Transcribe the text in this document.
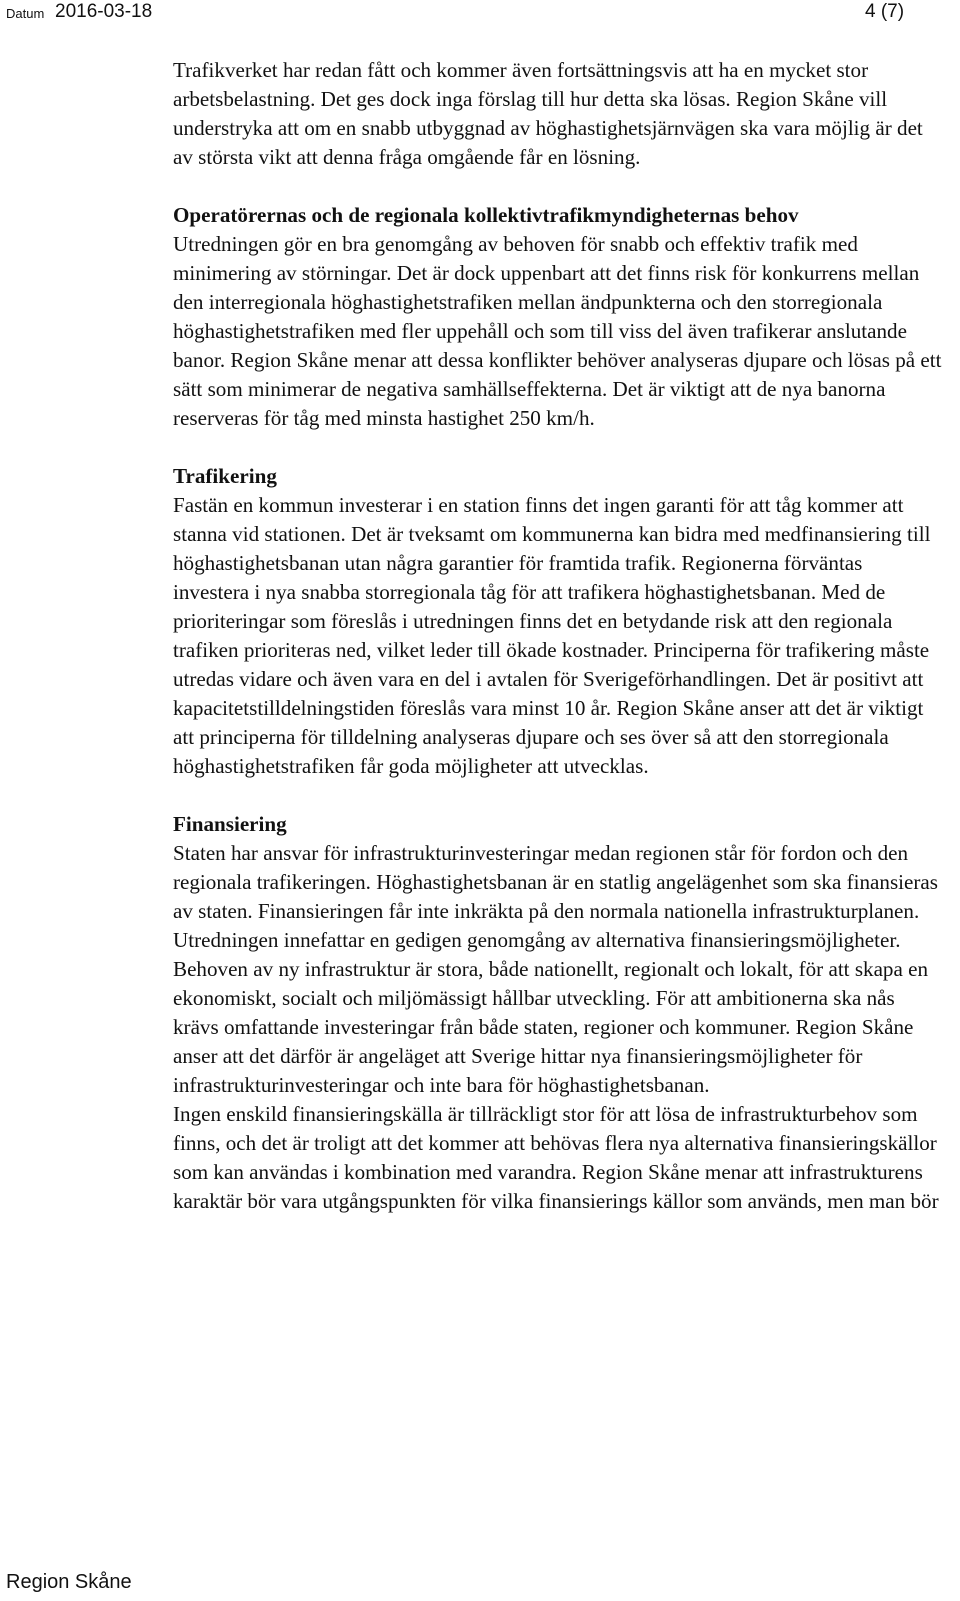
Datum 2016-03-18	4 (7)

Trafikverket har redan fått och kommer även fortsättningsvis att ha en mycket stor arbetsbelastning. Det ges dock inga förslag till hur detta ska lösas. Region Skåne vill understryka att om en snabb utbyggnad av höghastighetsjärnvägen ska vara möjlig är det av största vikt att denna fråga omgående får en lösning.

Operatörernas och de regionala kollektivtrafikmyndigheternas behov

Utredningen gör en bra genomgång av behoven för snabb och effektiv trafik med minimering av störningar. Det är dock uppenbart att det finns risk för konkurrens mellan den interregionala höghastighetstrafiken mellan ändpunkterna och den storregionala höghastighetstrafiken med fler uppehåll och som till viss del även trafikerar anslutande banor. Region Skåne menar att dessa konflikter behöver analyseras djupare och lösas på ett sätt som minimerar de negativa samhällseffekterna. Det är viktigt att de nya banorna reserveras för tåg med minsta hastighet 250 km/h.

Trafikering

Fastän en kommun investerar i en station finns det ingen garanti för att tåg kommer att stanna vid stationen. Det är tveksamt om kommunerna kan bidra med medfinansiering till höghastighetsbanan utan några garantier för framtida trafik. Regionerna förväntas investera i nya snabba storregionala tåg för att trafikera höghastighetsbanan. Med de prioriteringar som föreslås i utredningen finns det en betydande risk att den regionala trafiken prioriteras ned, vilket leder till ökade kostnader. Principerna för trafikering måste utredas vidare och även vara en del i avtalen för Sverigeförhandlingen. Det är positivt att kapacitetstilldelningstiden föreslås vara minst 10 år. Region Skåne anser att det är viktigt att principerna för tilldelning analyseras djupare och ses över så att den storregionala höghastighetstrafiken får goda möjligheter att utvecklas.

Finansiering

Staten har ansvar för infrastrukturinvesteringar medan regionen står för fordon och den regionala trafikeringen. Höghastighetsbanan är en statlig angelägenhet som ska finansieras av staten. Finansieringen får inte inkräkta på den normala nationella infrastrukturplanen. Utredningen innefattar en gedigen genomgång av alternativa finansieringsmöjligheter. Behoven av ny infrastruktur är stora, både nationellt, regionalt och lokalt, för att skapa en ekonomiskt, socialt och miljömässigt hållbar utveckling. För att ambitionerna ska nås krävs omfattande investeringar från både staten, regioner och kommuner. Region Skåne anser att det därför är angeläget att Sverige hittar nya finansieringsmöjligheter för infrastrukturinvesteringar och inte bara för höghastighetsbanan.

Ingen enskild finansieringskälla är tillräckligt stor för att lösa de infrastrukturbehov som finns, och det är troligt att det kommer att behövas flera nya alternativa finansieringskällor som kan användas i kombination med varandra. Region Skåne menar att infrastrukturens karaktär bör vara utgångspunkten för vilka finansierings källor som används, men man bör

Region Skåne
